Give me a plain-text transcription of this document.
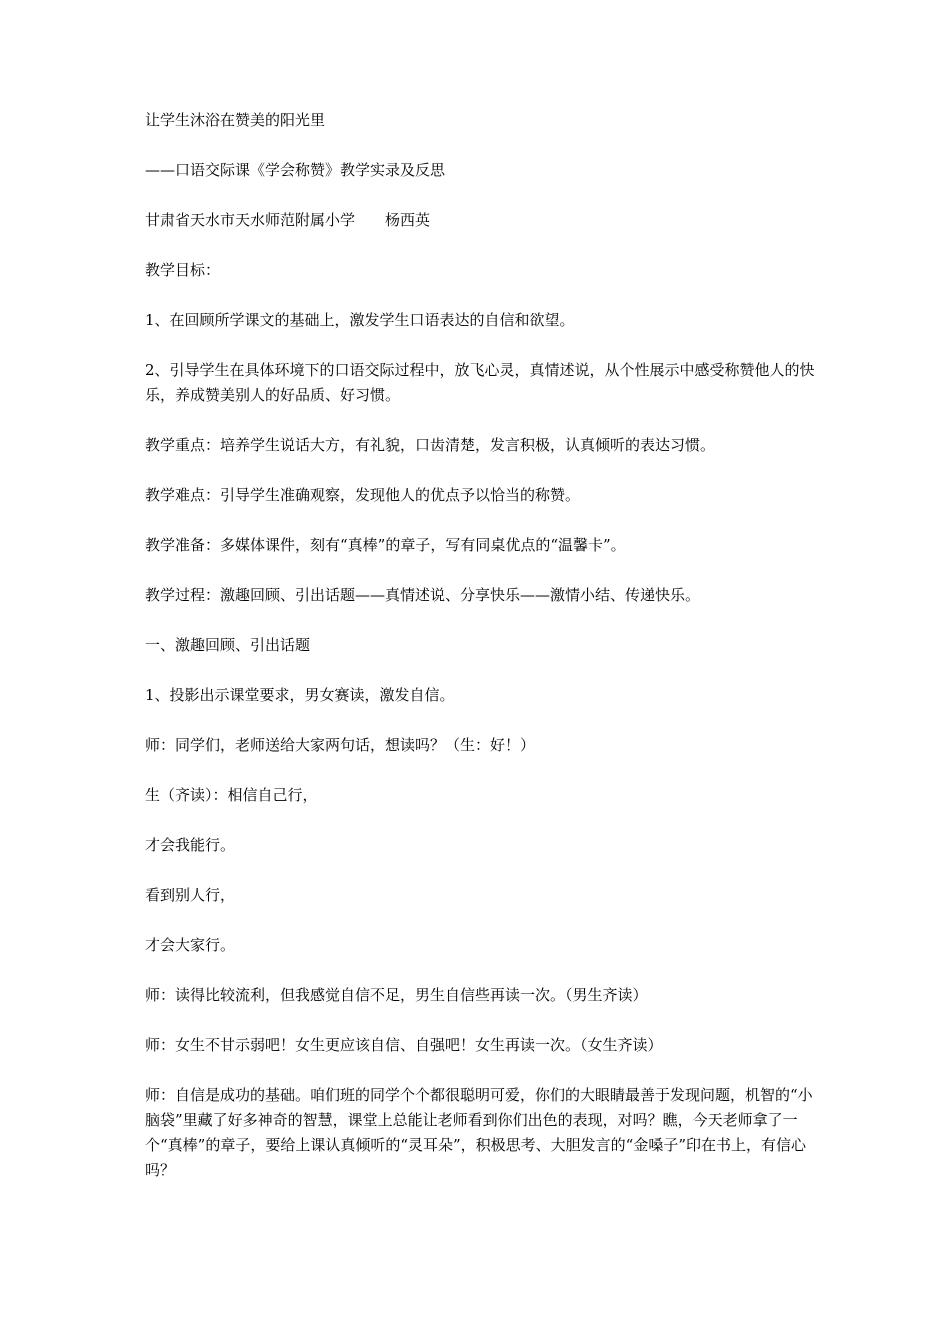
让学生沐浴在赞美的阳光里

——口语交际课《学会称赞》教学实录及反思

甘肃省天水市天水师范附属小学　　杨西英

教学目标：

1、在回顾所学课文的基础上，激发学生口语表达的自信和欲望。

2、引导学生在具体环境下的口语交际过程中，放飞心灵，真情述说，从个性展示中感受称赞他人的快乐，养成赞美别人的好品质、好习惯。

教学重点：培养学生说话大方，有礼貌，口齿清楚，发言积极，认真倾听的表达习惯。

教学难点：引导学生准确观察，发现他人的优点予以恰当的称赞。

教学准备：多媒体课件，刻有“真棒”的章子，写有同桌优点的“温馨卡”。

教学过程：激趣回顾、引出话题——真情述说、分享快乐——激情小结、传递快乐。

一、激趣回顾、引出话题

1、投影出示课堂要求，男女赛读，激发自信。

师：同学们，老师送给大家两句话，想读吗？（生：好！）

生（齐读）：相信自己行，

才会我能行。

看到别人行，

才会大家行。

师：读得比较流利，但我感觉自信不足，男生自信些再读一次。（男生齐读）

师：女生不甘示弱吧！女生更应该自信、自强吧！女生再读一次。（女生齐读）

师：自信是成功的基础。咱们班的同学个个都很聪明可爱，你们的大眼睛最善于发现问题，机智的“小脑袋”里藏了好多神奇的智慧，课堂上总能让老师看到你们出色的表现，对吗？瞧，今天老师拿了一个“真棒”的章子，要给上课认真倾听的“灵耳朵”，积极思考、大胆发言的“金嗓子”印在书上，有信心吗？
